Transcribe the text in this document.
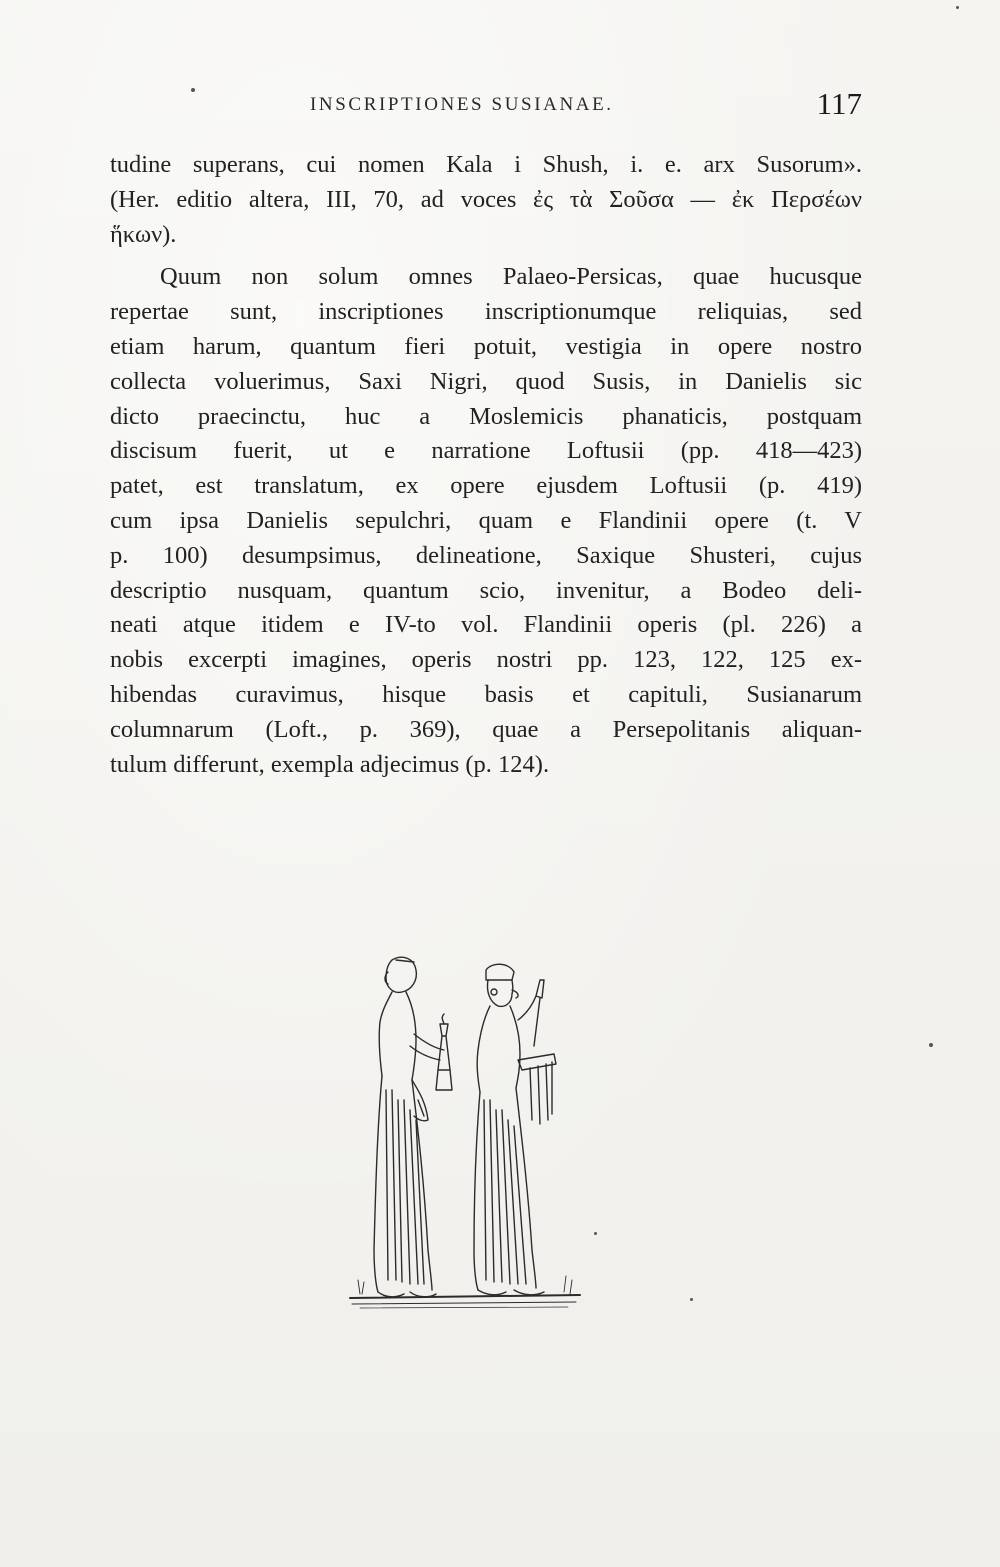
INSCRIPTIONES SUSIANAE.	117
tudine superans, cui nomen Kala i Shush, i. e. arx Susorum».
(Her. editio altera, III, 70, ad voces ἐς τὰ Σοῦσα — ἐκ Περσέων
ἥκων).
Quum non solum omnes Palaeo-Persicas, quae hucusque
repertae sunt, inscriptiones inscriptionumque reliquias, sed
etiam harum, quantum fieri potuit, vestigia in opere nostro
collecta voluerimus, Saxi Nigri, quod Susis, in Danielis sic
dicto praecinctu, huc a Moslemicis phanaticis, postquam
discisum fuerit, ut e narratione Loftusii (pp. 418—423)
patet, est translatum, ex opere ejusdem Loftusii (p. 419)
cum ipsa Danielis sepulchri, quam e Flandinii opere (t. V
p. 100) desumpsimus, delineatione, Saxique Shusteri, cujus
descriptio nusquam, quantum scio, invenitur, a Bodeo deli-
neati atque itidem e IV-to vol. Flandinii operis (pl. 226) a
nobis excerpti imagines, operis nostri pp. 123, 122, 125 ex-
hibendas curavimus, hisque basis et capituli, Susianarum
columnarum (Loft., p. 369), quae a Persepolitanis aliquan-
tulum differunt, exempla adjecimus (p. 124).
